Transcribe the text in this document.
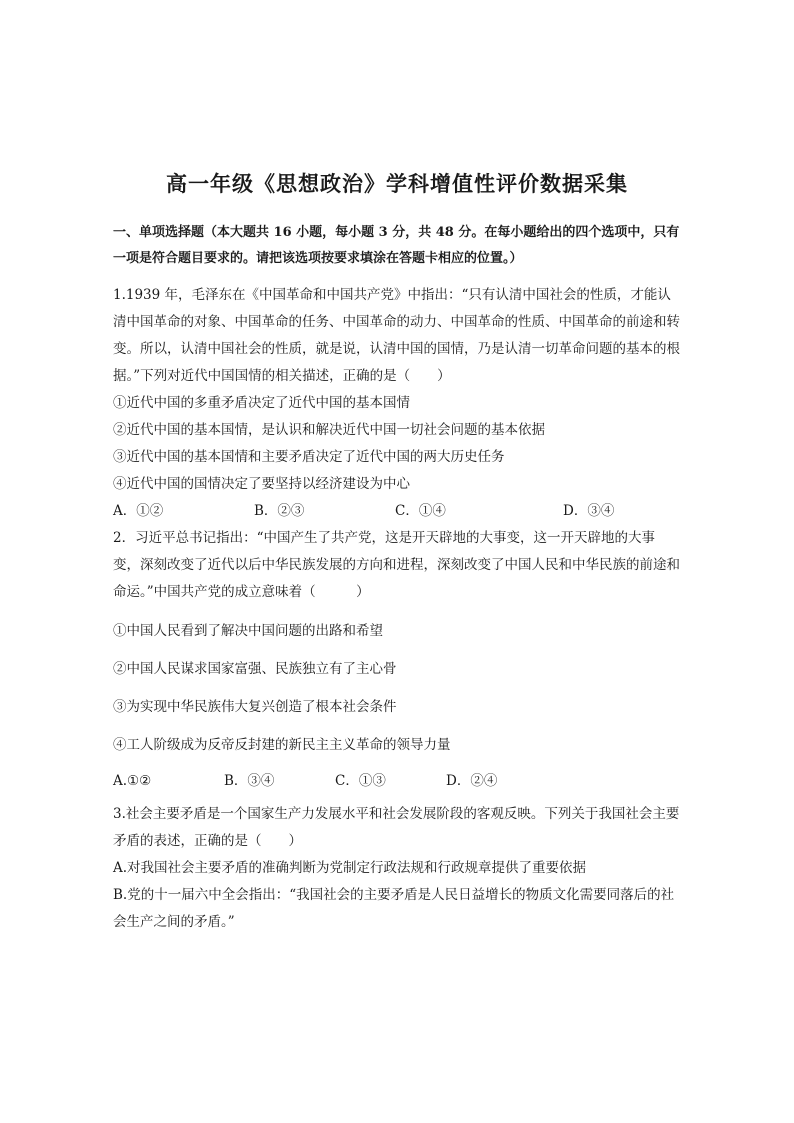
高一年级《思想政治》学科增值性评价数据采集
一、单项选择题（本大题共 16 小题，每小题 3 分，共 48 分。在每小题给出的四个选项中，只有一项是符合题目要求的。请把该选项按要求填涂在答题卡相应的位置。）
1.1939 年，毛泽东在《中国革命和中国共产党》中指出：“只有认清中国社会的性质，才能认清中国革命的对象、中国革命的任务、中国革命的动力、中国革命的性质、中国革命的前途和转变。所以，认清中国社会的性质，就是说，认清中国的国情，乃是认清一切革命问题的基本的根据。”下列对近代中国国情的相关描述，正确的是（　　）
①近代中国的多重矛盾决定了近代中国的基本国情
②近代中国的基本国情，是认识和解决近代中国一切社会问题的基本依据
③近代中国的基本国情和主要矛盾决定了近代中国的两大历史任务
④近代中国的国情决定了要坚持以经济建设为中心
A．①②	B．②③	C．①④	D．③④
2．习近平总书记指出：“中国产生了共产党，这是开天辟地的大事变，这一开天辟地的大事变，深刻改变了近代以后中华民族发展的方向和进程，深刻改变了中国人民和中华民族的前途和命运。”中国共产党的成立意味着（　　　）
①中国人民看到了解决中国问题的出路和希望
②中国人民谋求国家富强、民族独立有了主心骨
③为实现中华民族伟大复兴创造了根本社会条件
④工人阶级成为反帝反封建的新民主主义革命的领导力量
A.①②	B．③④	C．①③	D．②④
3.社会主要矛盾是一个国家生产力发展水平和社会发展阶段的客观反映。下列关于我国社会主要矛盾的表述，正确的是（　　）
A.对我国社会主要矛盾的准确判断为党制定行政法规和行政规章提供了重要依据
B.党的十一届六中全会指出：“我国社会的主要矛盾是人民日益增长的物质文化需要同落后的社会生产之间的矛盾。”
